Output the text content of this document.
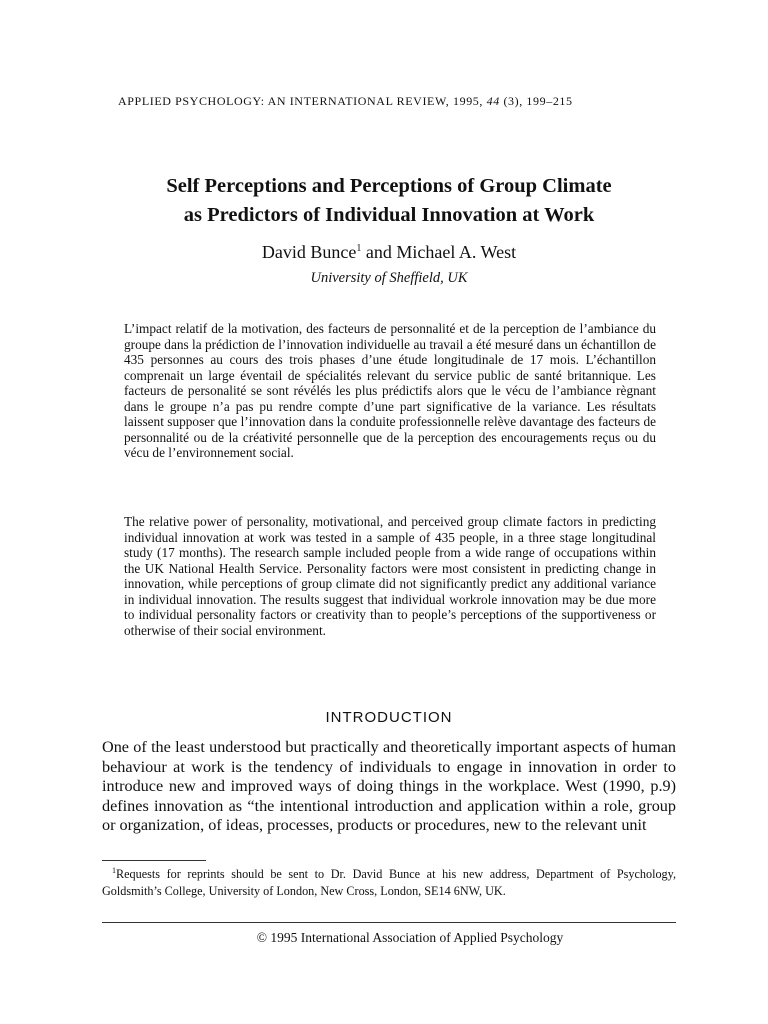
APPLIED PSYCHOLOGY: AN INTERNATIONAL REVIEW, 1995, 44 (3), 199–215
Self Perceptions and Perceptions of Group Climate
as Predictors of Individual Innovation at Work
David Bunce$^1$ and Michael A. West
University of Sheffield, UK

L’impact relatif de la motivation, des facteurs de personnalité et de la perception de l’ambiance du groupe dans la prédiction de l’innovation individuelle au travail a été mesuré dans un échantillon de 435 personnes au cours des trois phases d’une étude longitudinale de 17 mois. L’échantillon comprenait un large éventail de spécialités relevant du service public de santé britannique. Les facteurs de personalité se sont révélés les plus prédictifs alors que le vécu de l’ambiance règnant dans le groupe n’a pas pu rendre compte d’une part significative de la variance. Les résultats laissent supposer que l’innovation dans la conduite professionnelle relève davantage des facteurs de personnalité ou de la créativité personnelle que de la perception des encouragements reçus ou du vécu de l’environnement social.

The relative power of personality, motivational, and perceived group climate factors in predicting individual innovation at work was tested in a sample of 435 people, in a three stage longitudinal study (17 months). The research sample included people from a wide range of occupations within the UK National Health Service. Personality factors were most consistent in predicting change in innovation, while perceptions of group climate did not significantly predict any additional variance in individual innovation. The results suggest that individual workrole innovation may be due more to individual personality factors or creativity than to people’s perceptions of the supportiveness or otherwise of their social environment.

INTRODUCTION

One of the least understood but practically and theoretically important aspects of human behaviour at work is the tendency of individuals to engage in innovation in order to introduce new and improved ways of doing things in the workplace. West (1990, p.9) defines innovation as “the intentional introduction and application within a role, group or organization, of ideas, processes, products or procedures, new to the relevant unit

$^1$Requests for reprints should be sent to Dr. David Bunce at his new address, Department of Psychology, Goldsmith’s College, University of London, New Cross, London, SE14 6NW, UK.

© 1995 International Association of Applied Psychology
